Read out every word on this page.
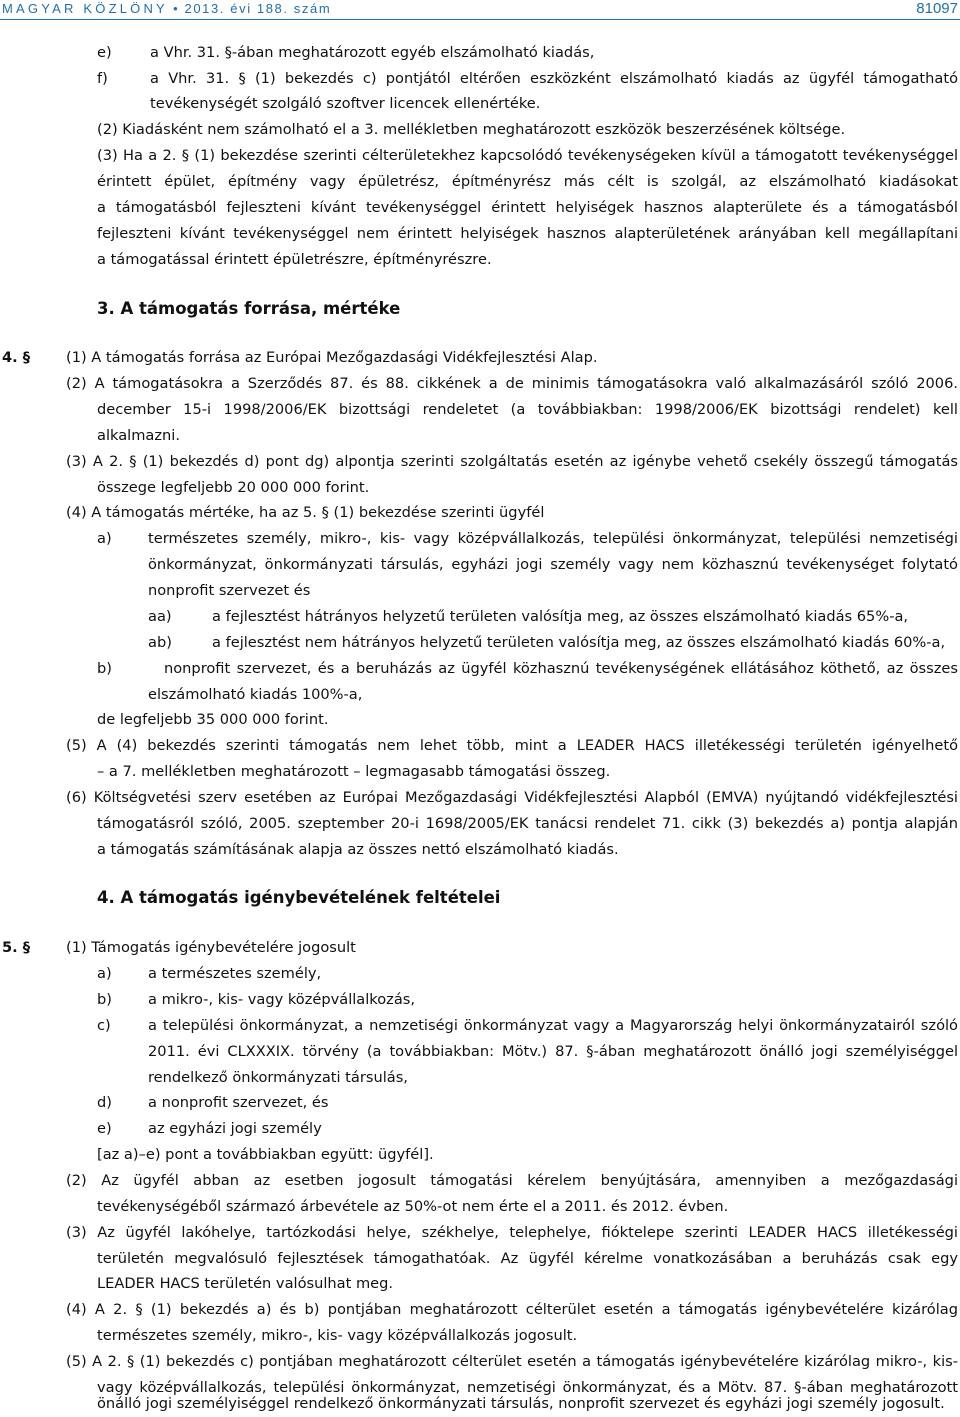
MAGYAR KÖZLÖNY • 2013. évi 188. szám	81097
e)	a Vhr. 31. §-ában meghatározott egyéb elszámolható kiadás,
f)	a Vhr. 31. § (1) bekezdés c) pontjától eltérően eszközként elszámolható kiadás az ügyfél támogatható
tevékenységét szolgáló szoftver licencek ellenértéke.
(2) Kiadásként nem számolható el a 3. mellékletben meghatározott eszközök beszerzésének költsége.
(3) Ha a 2. § (1) bekezdése szerinti célterületekhez kapcsolódó tevékenységeken kívül a támogatott tevékenységgel
érintett épület, építmény vagy épületrész, építményrész más célt is szolgál, az elszámolható kiadásokat
a támogatásból fejleszteni kívánt tevékenységgel érintett helyiségek hasznos alapterülete és a támogatásból
fejleszteni kívánt tevékenységgel nem érintett helyiségek hasznos alapterületének arányában kell megállapítani
a támogatással érintett épületrészre, építményrészre.
3. A támogatás forrása, mértéke
4. § (1) A támogatás forrása az Európai Mezőgazdasági Vidékfejlesztési Alap.
(2) A támogatásokra a Szerződés 87. és 88. cikkének a de minimis támogatásokra való alkalmazásáról szóló 2006.
december 15-i 1998/2006/EK bizottsági rendeletet (a továbbiakban: 1998/2006/EK bizottsági rendelet) kell
alkalmazni.
(3) A 2. § (1) bekezdés d) pont dg) alpontja szerinti szolgáltatás esetén az igénybe vehető csekély összegű támogatás
összege legfeljebb 20 000 000 forint.
(4) A támogatás mértéke, ha az 5. § (1) bekezdése szerinti ügyfél
a) természetes személy, mikro-, kis- vagy középvállalkozás, települési önkormányzat, települési nemzetiségi
önkormányzat, önkormányzati társulás, egyházi jogi személy vagy nem közhasznú tevékenységet folytató
nonprofit szervezet és
aa)	a fejlesztést hátrányos helyzetű területen valósítja meg, az összes elszámolható kiadás 65%-a,
ab)	a fejlesztést nem hátrányos helyzetű területen valósítja meg, az összes elszámolható kiadás 60%-a,
b)	nonprofit szervezet, és a beruházás az ügyfél közhasznú tevékenységének ellátásához köthető, az összes
elszámolható kiadás 100%-a,
de legfeljebb 35 000 000 forint.
(5) A (4) bekezdés szerinti támogatás nem lehet több, mint a LEADER HACS illetékességi területén igényelhető
– a 7. mellékletben meghatározott – legmagasabb támogatási összeg.
(6) Költségvetési szerv esetében az Európai Mezőgazdasági Vidékfejlesztési Alapból (EMVA) nyújtandó vidékfejlesztési
támogatásról szóló, 2005. szeptember 20-i 1698/2005/EK tanácsi rendelet 71. cikk (3) bekezdés a) pontja alapján
a támogatás számításának alapja az összes nettó elszámolható kiadás.
4. A támogatás igénybevételének feltételei
5. § (1) Támogatás igénybevételére jogosult
a) a természetes személy,
b) a mikro-, kis- vagy középvállalkozás,
c)	a települési önkormányzat, a nemzetiségi önkormányzat vagy a Magyarország helyi önkormányzatairól szóló
2011. évi CLXXXIX. törvény (a továbbiakban: Mötv.) 87. §-ában meghatározott önálló jogi személyiséggel
rendelkező önkormányzati társulás,
d) a nonprofit szervezet, és
e) az egyházi jogi személy
[az a)–e) pont a továbbiakban együtt: ügyfél].
(2) Az ügyfél abban az esetben jogosult támogatási kérelem benyújtására, amennyiben a mezőgazdasági
tevékenységéből származó árbevétele az 50%-ot nem érte el a 2011. és 2012. évben.
(3) Az ügyfél lakóhelye, tartózkodási helye, székhelye, telephelye, fióktelepe szerinti LEADER HACS illetékességi
területén megvalósuló fejlesztések támogathatóak. Az ügyfél kérelme vonatkozásában a beruházás csak egy
LEADER HACS területén valósulhat meg.
(4) A 2. § (1) bekezdés a) és b) pontjában meghatározott célterület esetén a támogatás igénybevételére kizárólag
természetes személy, mikro-, kis- vagy középvállalkozás jogosult.
(5) A 2. § (1) bekezdés c) pontjában meghatározott célterület esetén a támogatás igénybevételére kizárólag mikro-, kis-
vagy középvállalkozás, települési önkormányzat, nemzetiségi önkormányzat, és a Mötv. 87. §-ában meghatározott
önálló jogi személyiséggel rendelkező önkormányzati társulás, nonprofit szervezet és egyházi jogi személy jogosult.
